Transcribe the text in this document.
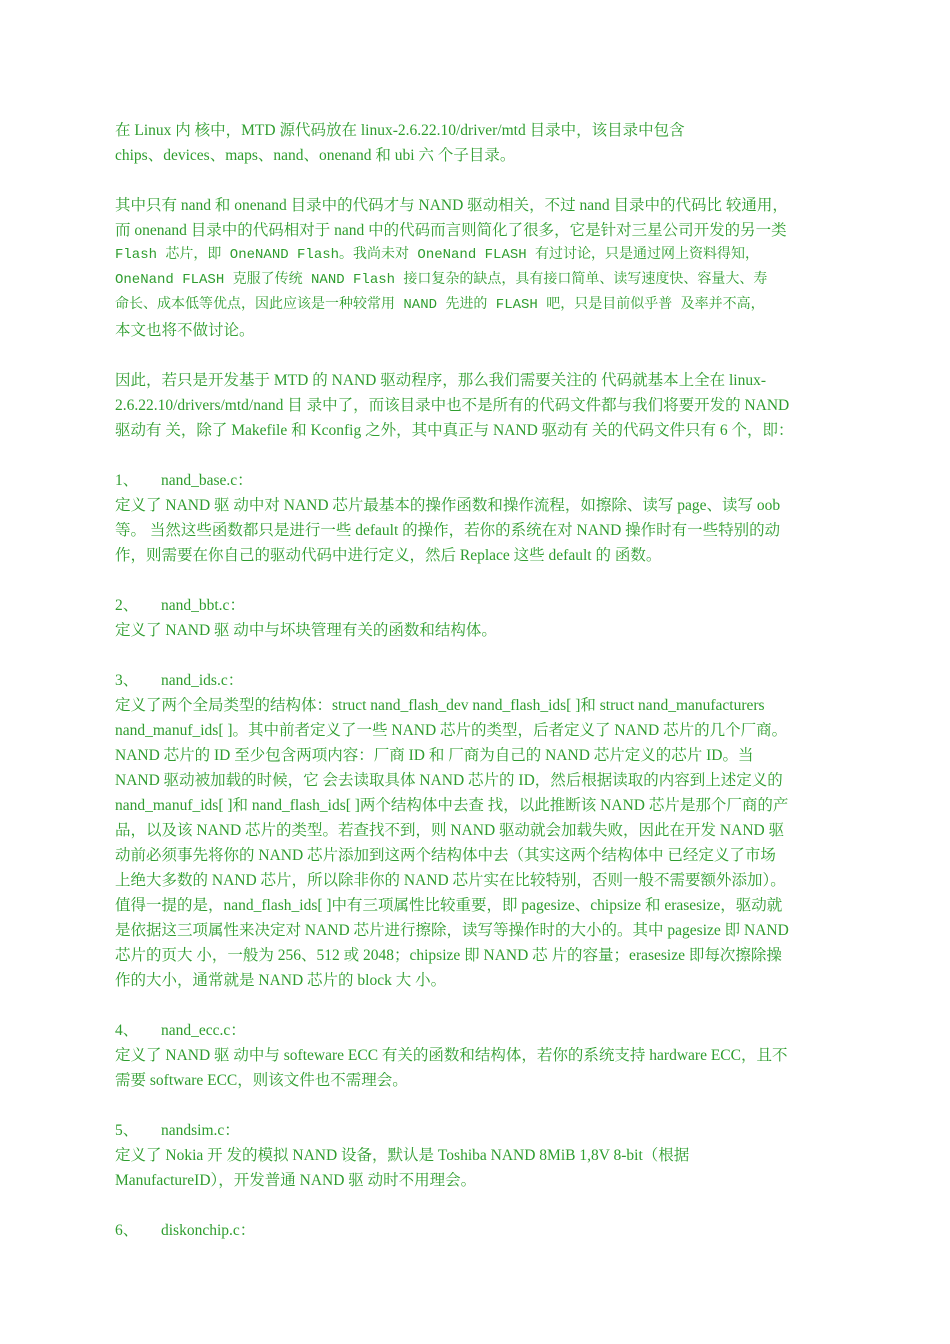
在 Linux 内 核中，MTD 源代码放在 linux-2.6.22.10/driver/mtd 目录中，该目录中包含
chips、devices、maps、nand、onenand 和 ubi 六 个子目录。

其中只有 nand 和 onenand 目录中的代码才与 NAND 驱动相关，不过 nand 目录中的代码比 较通用，
而 onenand 目录中的代码相对于 nand 中的代码而言则简化了很多，它是针对三星公司开发的另一类
Flash 芯片，即 OneNAND Flash。我尚未对 OneNand FLASH 有过讨论，只是通过网上资料得知，
OneNand FLASH 克服了传统 NAND Flash 接口复杂的缺点，具有接口简单、读写速度快、容量大、寿
命长、成本低等优点，因此应该是一种较常用 NAND 先进的 FLASH 吧，只是目前似乎普 及率并不高，
本文也将不做讨论。

因此，若只是开发基于 MTD 的 NAND 驱动程序，那么我们需要关注的 代码就基本上全在 linux-
2.6.22.10/drivers/mtd/nand 目 录中了，而该目录中也不是所有的代码文件都与我们将要开发的 NAND
驱动有 关，除了 Makefile 和 Kconfig 之外，其中真正与 NAND 驱动有 关的代码文件只有 6 个，即：

1、 nand_base.c：
定义了 NAND 驱 动中对 NAND 芯片最基本的操作函数和操作流程，如擦除、读写 page、读写 oob
等。 当然这些函数都只是进行一些 default 的操作，若你的系统在对 NAND 操作时有一些特别的动
作，则需要在你自己的驱动代码中进行定义，然后 Replace 这些 default 的 函数。

2、 nand_bbt.c：
定义了 NAND 驱 动中与坏块管理有关的函数和结构体。

3、 nand_ids.c：
定义了两个全局类型的结构体：struct nand_flash_dev nand_flash_ids[ ]和 struct nand_manufacturers
nand_manuf_ids[ ]。其中前者定义了一些 NAND 芯片的类型，后者定义了 NAND 芯片的几个厂商。
NAND 芯片的 ID 至少包含两项内容：厂商 ID 和 厂商为自己的 NAND 芯片定义的芯片 ID。当
NAND 驱动被加载的时候，它 会去读取具体 NAND 芯片的 ID，然后根据读取的内容到上述定义的
nand_manuf_ids[ ]和 nand_flash_ids[ ]两个结构体中去查 找，以此推断该 NAND 芯片是那个厂商的产
品，以及该 NAND 芯片的类型。若查找不到，则 NAND 驱动就会加载失败，因此在开发 NAND 驱
动前必须事先将你的 NAND 芯片添加到这两个结构体中去（其实这两个结构体中 已经定义了市场
上绝大多数的 NAND 芯片，所以除非你的 NAND 芯片实在比较特别，否则一般不需要额外添加）。
值得一提的是，nand_flash_ids[ ]中有三项属性比较重要，即 pagesize、chipsize 和 erasesize，驱动就
是依据这三项属性来决定对 NAND 芯片进行擦除，读写等操作时的大小的。其中 pagesize 即 NAND
芯片的页大 小，一般为 256、512 或 2048；chipsize 即 NAND 芯 片的容量；erasesize 即每次擦除操
作的大小，通常就是 NAND 芯片的 block 大 小。

4、 nand_ecc.c：
定义了 NAND 驱 动中与 softeware ECC 有关的函数和结构体，若你的系统支持 hardware ECC，且不
需要 software ECC，则该文件也不需理会。

5、 nandsim.c：
定义了 Nokia 开 发的模拟 NAND 设备，默认是 Toshiba NAND 8MiB 1,8V 8-bit（根据
ManufactureID），开发普通 NAND 驱 动时不用理会。

6、 diskonchip.c：
